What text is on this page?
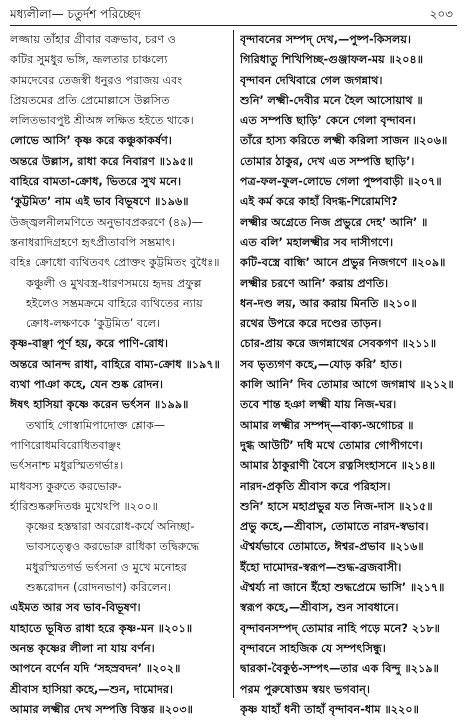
মধ্যলীলা— চতুর্দশ পরিচ্ছেদ	২০৩
লজ্জায় তাঁহার গ্রীবার বক্রভাব, চরণ ও
কটির সুমধুর ভঙ্গি, ভ্রূলতার চাঞ্চল্যে
কামদেবের তেজস্বী ধনুরও পরাজয় এবং
প্রিয়তমের প্রতি প্রেমোল্লাসে উল্লসিত
ললিতভাবপুষ্ট শ্রীঅঙ্গ লক্ষিত হইতে থাকে।
লোভে আসি’ কৃষ্ণ করে কঞ্চুকাকর্ষণ।
অন্তরে উল্লাস, রাধা করে নিবারণ ॥১৯৫॥
বাহিরে বামতা-ক্রোধ, ভিতরে সুখ মনে।
‘কুট্টমিত’ নাম এই ভাব বিভূষণে ॥১৯৬॥
উজ্জ্বলনীলমণিতে অনুভাবপ্রকরণে (৪৯)—
স্তনাধরাদিগ্রহণে হৃৎপ্রীতাবপি সম্ভ্রমাৎ।
বহিঃ ক্রোধো ব্যথিতবৎ প্রোক্তং কুট্টমিতং বুধৈঃ॥
কঞ্চুলী ও মুখবস্ত্র-ধারণসময়ে হৃদয় প্রফুল্ল
হইলেও সম্ভ্রমক্রমে বাহিরে ব্যথিতের ন্যায়
ক্রোধ-লক্ষণকে ‘কুট্টমিত’ বলে।
কৃষ্ণ-বাঞ্ছা পূর্ণ হয়, করে পাণি-রোধ।
অন্তরে আনন্দ রাধা, বাহিরে বাম্য-ক্রোধ ॥১৯৭॥
ব্যথা পাঞা কহে, যেন শুষ্ক রোদন।
ঈষৎ হাসিয়া কৃষ্ণে করেন ভর্ৎসন ॥১৯৯॥
তথাহি গোস্বামিপাদোক্ত শ্লোক—
পাণিরোধমবিরোধিতবাঞ্ছং
ভর্ৎসনাশ্চ মধুরস্মিতগর্ভাঃ।
মাধবস্য কুরুতে করভোরু-
র্হারিশুষ্করুদিতঞ্চ মুখেঽপি ॥২০০॥
কৃষ্ণের হস্তদ্বারা অবরোধ-কর্যে অনিচ্ছা-
ভাবসত্ত্বেও করভোরু রাধিকা তদ্বিরুদ্ধে
মধুরস্মিতগর্ভ ভর্ৎসনা ও মুখে মনোহর
শুষ্করোদন (রোদনভাণ) করিলেন।
এইমত আর সব ভাব-বিভূষণ।
যাহাতে ভূষিত রাধা হরে কৃষ্ণ-মন ॥২০১॥
অনন্ত কৃষ্ণের লীলা না যায় বর্ণন।
আপনে বর্ণেন যদি ‘সহস্রবদন’ ॥২০২॥
শ্রীবাস হাসিয়া কহে,—শুন, দামোদর।
আমার লক্ষ্মীর দেখ সম্পত্তি বিস্তর ॥২০৩॥
বৃন্দাবনের সম্পদ্ দেখ,—পুষ্প-কিসলয়।
গিরিধাতু শিখিপিচ্ছ-গুঞ্জাফল-ময় ॥২০৪॥
বৃন্দাবন দেখিবারে গেল জগন্নাথ।
শুনি’ লক্ষ্মী-দেবীর মনে হৈল আসোয়াথ ॥
এত সম্পত্তি ছাড়ি’ কেনে গেলা বৃন্দাবন।
তাঁরে হাস্য করিতে লক্ষ্মী করিলা সাজন ॥২০৬॥
তোমার ঠাকুর, দেখ এত সম্পত্তি ছাড়ি’।
পত্র-ফল-ফুল-লোভে গেলা পুষ্পবাড়ী ॥২০৭॥
এই কর্ম করে কাহাঁ বিদগ্ধ-শিরোমণি?
লক্ষ্মীর অগ্রেতে নিজ প্রভুরে দেহ’ আনি’ ॥
এত বলি’ মহালক্ষ্মীর সব দাসীগণে।
কটি-বস্ত্রে বান্ধি’ আনে প্রভুর নিজগণে ॥২০৯॥
লক্ষ্মীর চরণে আনি’ করায় প্রণতি।
ধন-দণ্ড লয়, আর করায় মিনতি ॥২১০॥
রথের উপরে করে দণ্ডের তাড়ন।
চোর-প্রায় করে জগন্নাথের সেবকগণ ॥২১১॥
সব ভৃত্যগণ কহে,—যোড় করি’ হাত।
কালি আনি’ দিব তোমার আগে জগন্নাথ ॥২১২॥
তবে শান্ত হঞা লক্ষ্মী যায় নিজ-ঘর।
আমার লক্ষ্মীর সম্পদ্—বাক্য-অগোচর ॥
দুগ্ধ আউটি’ দধি মথে তোমার গোপীগণে।
আমার ঠাকুরাণী বৈসে রত্নসিংহাসনে ॥২১৪॥
নারদ-প্রকৃতি শ্রীবাস করে পরিহাস।
শুনি’ হাসে মহাপ্রভুর যত নিজ-দাস ॥২১৫॥
প্রভু কহে,—শ্রীবাস, তোমাতে নারদ-স্বভাব।
ঐশ্বর্যভাবে তোমাতে, ঈশ্বর-প্রভাব ॥২১৬॥
ইঁহো দামোদর-স্বরূপ—শুদ্ধ-ব্রজবাসী।
ঐশ্বর্য্য না জানে ইঁহো শুদ্ধপ্রেমে ভাসি’ ॥২১৭॥
স্বরূপ কহে,—শ্রীবাস, শুন সাবধানে।
বৃন্দাবনসম্পদ্ তোমার নাহি পড়ে মনে? ২১৮॥
বৃন্দাবনে সাহজিক যে সম্পৎসিন্ধু।
দ্বারকা-বৈকুণ্ঠ-সম্পৎ—তার এক বিন্দু ॥২১৯॥
পরম পুরুষোত্তম স্বয়ং ভগবান্।
কৃষ্ণ যাহাঁ ধনী তাহাঁ বৃন্দাবন-ধাম ॥২২০॥
